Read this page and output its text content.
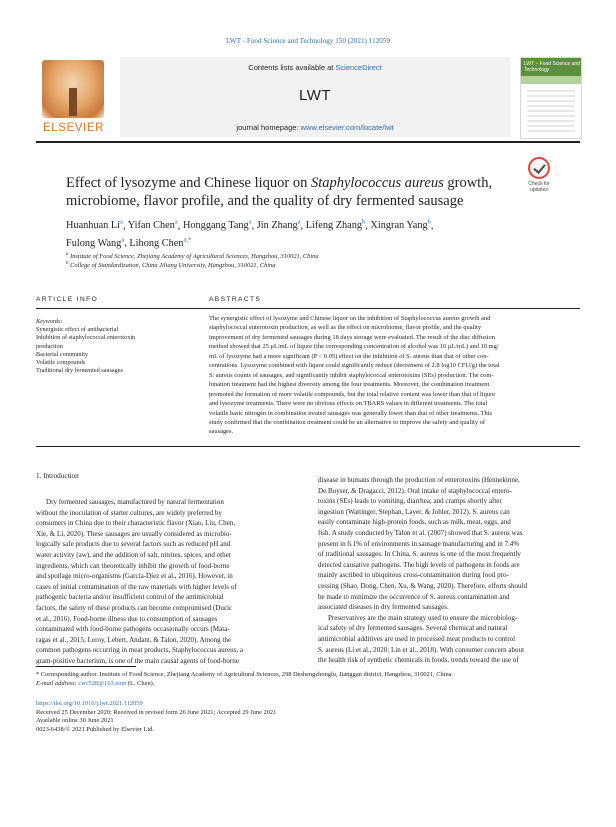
LWT - Food Science and Technology 150 (2021) 112059
ELSEVIER
Contents lists available at ScienceDirect
LWT
journal homepage: www.elsevier.com/locate/lwt
LWT – Food Science and Technology
Check for updates
Effect of lysozyme and Chinese liquor on Staphylococcus aureus growth, microbiome, flavor profile, and the quality of dry fermented sausage
Huanhuan Li$^a$, Yifan Chen$^a$, Honggang Tang$^a$, Jin Zhang$^a$, Lifeng Zhang$^b$, Xingran Yang$^b$,
Fulong Wang$^a$, Lihong Chen$^{a,*}$
$^a$ Institute of Food Science, Zhejiang Academy of Agricultural Sciences, Hangzhou, 310021, China
$^b$ College of Standardization, China Jiliang University, Hangzhou, 310021, China
ARTICLE INFO	ABSTRACTS
Keywords:
Synergistic effect of antibacterial
Inhibition of staphylococcal enterotoxin
production
Bacterial community
Volatile compounds
Traditional dry fermented sausages
The synergistic effect of lysozyme and Chinese liquor on the inhibition of Staphylococcus aureus growth and
staphylococcal enterotoxin production, as well as the effect on microbiome, flavor profile, and the quality
improvement of dry fermented sausages during 18 days storage were evaluated. The result of the disc diffusion
method showed that 25 μL/mL of liquor (the corresponding concentration of alcohol was 10 μL/mL) and 10 mg/
mL of lysozyme had a more significant (P < 0.05) effect on the inhibition of S. aureus than that of other con-
centrations. Lysozyme combined with liquor could significantly reduce (decrement of 2.8 log10 CFU/g) the total
S. aureus counts of sausages, and significantly inhibit staphylococcal enterotoxins (SEs) production. The com-
bination treatment had the highest diversity among the four treatments. Moreover, the combination treatment
promoted the formation of more volatile compounds, but the total relative content was lower than that of liquor
and lysozyme treatments. There were no obvious effects on TBARS values in different treatments. The total
volatile basic nitrogen in combination treated sausages was generally lower than that of other treatments. This
study confirmed that the combination treatment could be an alternative to improve the safety and quality of
sausages.
1. Introduction
Dry fermented sausages, manufactured by natural fermentation
without the inoculation of starter cultures, are widely preferred by
consumers in China due to their characteristic flavor (Xiao, Liu, Chen,
Xie, & Li, 2020). These sausages are usually considered as microbio-
logically safe products due to several factors such as reduced pH and
water activity (aw), and the addition of salt, nitrites, spices, and other
ingredients, which can theoretically inhibit the growth of food-borne
and spoilage micro-organisms (García-Díez et al., 2016). However, in
cases of initial contamination of the raw materials with higher levels of
pathogenic bacteria and/or insufficient control of the antimicrobial
factors, the safety of these products can become compromised (Ducic
et al., 2016). Food-borne illness due to consumption of sausages
contaminated with food-borne pathogens occasionally occurs (Mata-
ragas et al., 2015; Leroy, Lebert, Andant, & Talon, 2020). Among the
common pathogens occurring in meat products, Staphylococcus aureus, a
gram-positive bacterium, is one of the main causal agents of food-borne
disease in humans through the production of enterotoxins (Hennekinne,
De Buyser, & Dragacci, 2012). Oral intake of staphylococcal entero-
toxins (SEs) leads to vomiting, diarrhea, and cramps shortly after
ingestion (Wattinger, Stephan, Layer, & Johler, 2012). S. aureus can
easily contaminate high-protein foods, such as milk, meat, eggs, and
fish. A study conducted by Talon et al. (2007) showed that S. aureus was
present in 6.1% of environments in sausage manufacturing and in 7.4%
of traditional sausages. In China, S. aureus is one of the most frequently
detected causative pathogens. The high levels of pathogens in foods are
mainly ascribed to ubiquitous cross-contamination during food pro-
cessing (Shao, Dong, Chen, Xu, & Wang, 2020). Therefore, efforts should
be made to minimize the occurrence of S. aureus contamination and
associated diseases in dry fermented sausages.
Preservatives are the main strategy used to ensure the microbiolog-
ical safety of dry fermented sausages. Several chemical and natural
antimicrobial additives are used in processed meat products to control
S. aureus (Li et al., 2020; Lin et al., 2018). With consumer concern about
the health risk of synthetic chemicals in foods, trends toward the use of
* Corresponding author. Institute of Food Science, Zhejiang Academy of Agricultural Sciences, 298 Deshengzhonglu, Jianggan district, Hangzhou, 310021, China.
E-mail address: cwc528@163.com (L. Chen).
https://doi.org/10.1016/j.lwt.2021.112059
Received 25 December 2020; Received in revised form 26 June 2021; Accepted 29 June 2021
Available online 30 June 2021
0023-6438/© 2021 Published by Elsevier Ltd.
